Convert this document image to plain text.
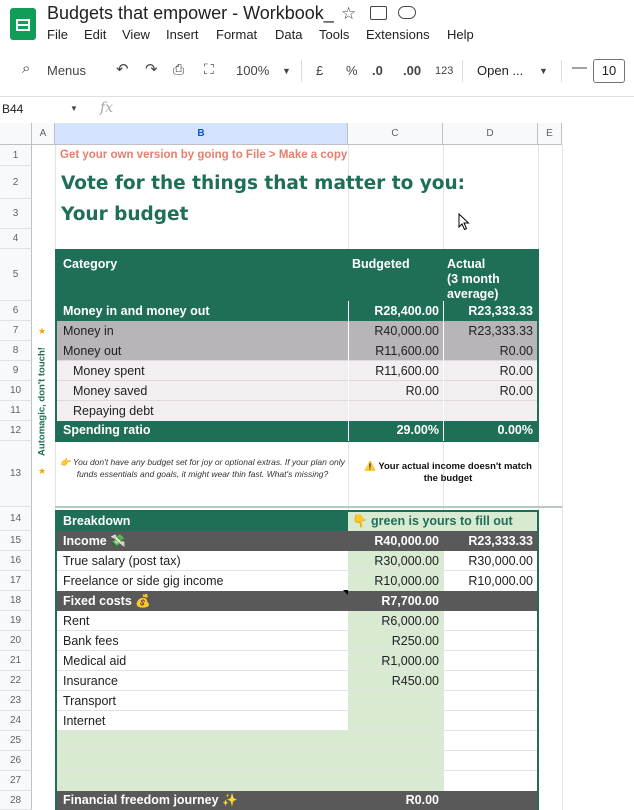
Budgets that empower - Workbook_ ☆
File Edit View Insert Format Data Tools Extensions Help
⌕ Menus ↶ ↷ ⎙ ⛶ 100% ▼ £ % .0 .00 123 Open ... ▼ —	10
B44	▼ fx
A	B	C	D	E
1
2
3
4
5
6
7
8
9
10
11
12
13
14
15
16
17
18
19
20
21
22
23
24
25
26
27
28
Get your own version by going to File > Make a copy
Vote for the things that matter to you:
Your budget
Automagic, don't touch!
★
★
Category	Budgeted	Actual
(3 month
average)
Money in and money out	R28,400.00	R23,333.33
Money in	R40,000.00	R23,333.33
Money out	R11,600.00	R0.00
Money spent	R11,600.00	R0.00
Money saved	R0.00	R0.00
Repaying debt
Spending ratio	29.00%	0.00%
👉 You don't have any budget set for joy or optional extras. If your plan only funds essentials and goals, it might wear thin fast. What's missing?
⚠️ Your actual income doesn't match the budget
Breakdown	👇 green is yours to fill out
Income 💸	R40,000.00	R23,333.33
True salary (post tax)	R30,000.00	R30,000.00
Freelance or side gig income	R10,000.00	R10,000.00
Fixed costs 💰	R7,700.00
Rent	R6,000.00
Bank fees	R250.00
Medical aid	R1,000.00
Insurance	R450.00
Transport
Internet
Financial freedom journey ✨	R0.00
